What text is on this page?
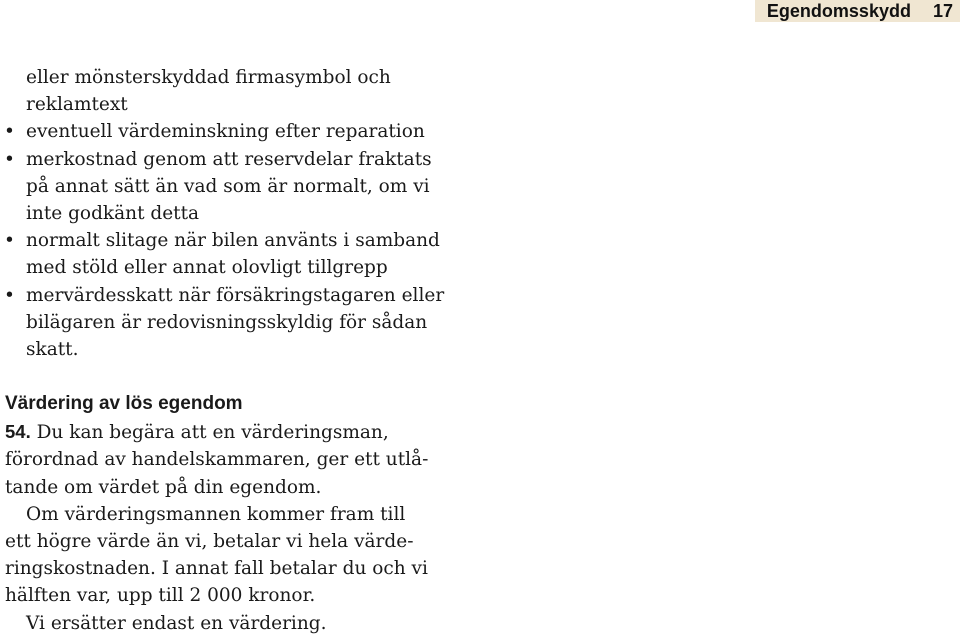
Egendomsskydd 17
eller mönsterskyddad firmasymbol och
reklamtext
• eventuell värdeminskning efter reparation
• merkostnad genom att reservdelar fraktats
på annat sätt än vad som är normalt, om vi
inte godkänt detta
• normalt slitage när bilen använts i samband
med stöld eller annat olovligt tillgrepp
• mervärdesskatt när försäkringstagaren eller
bilägaren är redovisningsskyldig för sådan
skatt.
Värdering av lös egendom
54. Du kan begära att en värderingsman,
förordnad av handelskammaren, ger ett utlå-
tande om värdet på din egendom.
Om värderingsmannen kommer fram till
ett högre värde än vi, betalar vi hela värde-
ringskostnaden. I annat fall betalar du och vi
hälften var, upp till 2 000 kronor.
Vi ersätter endast en värdering.
